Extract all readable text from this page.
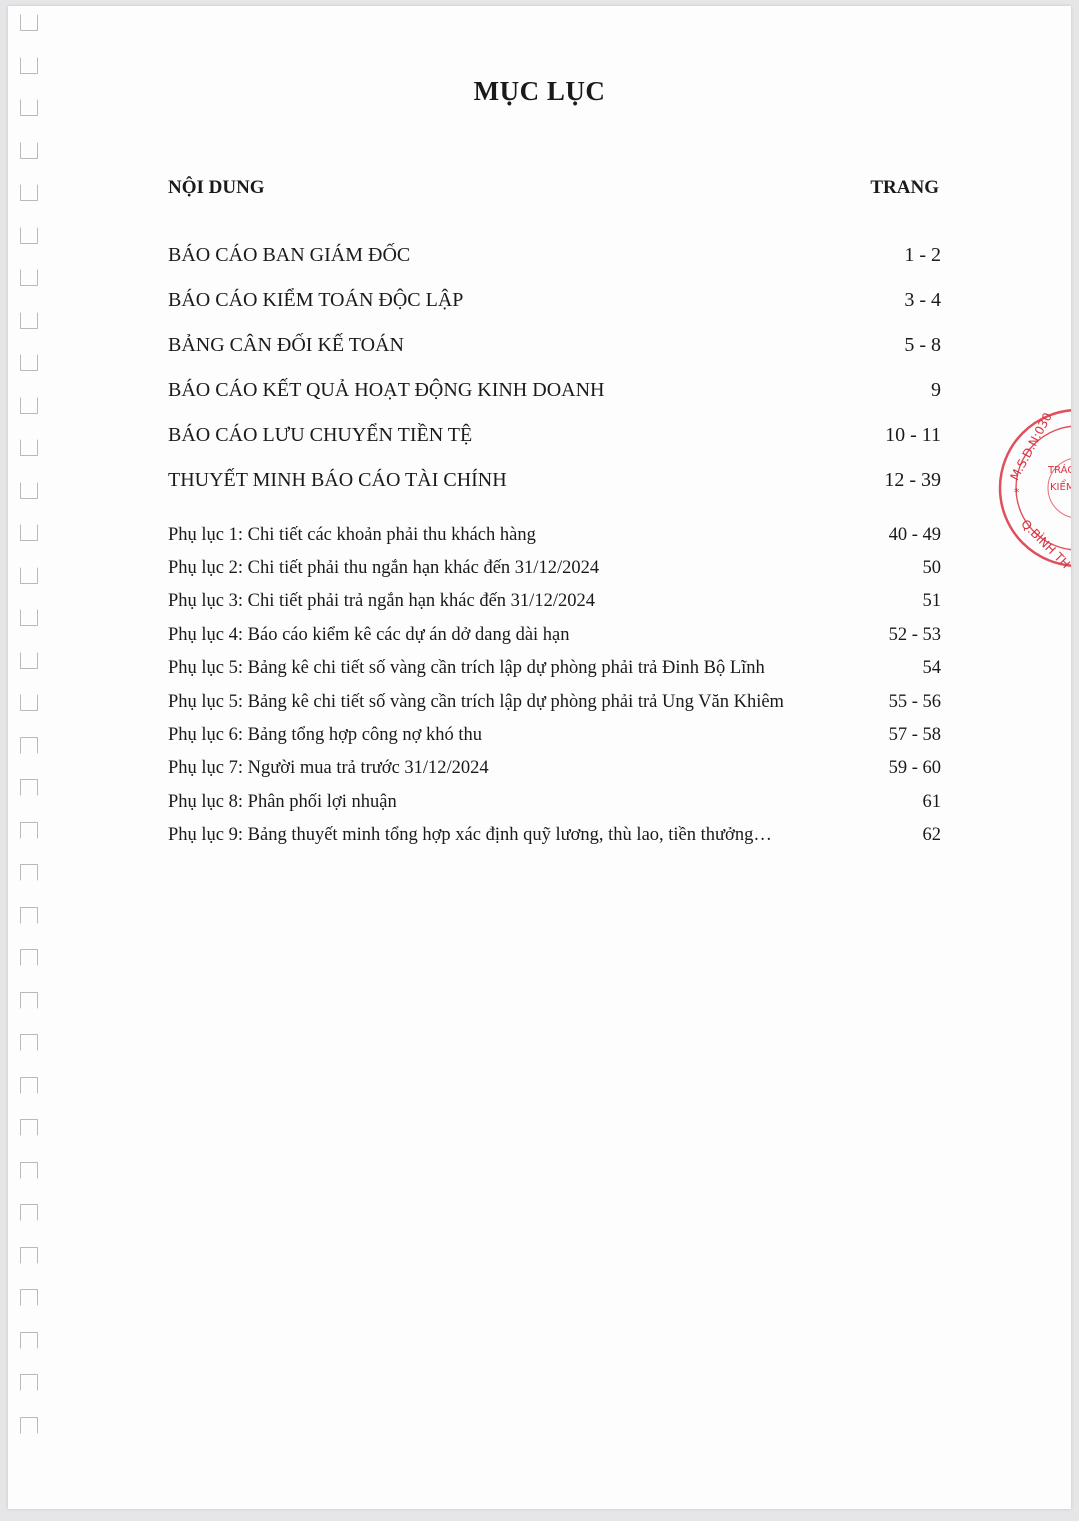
MỤC LỤC
NỘI DUNG	TRANG
BÁO CÁO BAN GIÁM ĐỐC	1 - 2
BÁO CÁO KIỂM TOÁN ĐỘC LẬP	3 - 4
BẢNG CÂN ĐỐI KẾ TOÁN	5 - 8
BÁO CÁO KẾT QUẢ HOẠT ĐỘNG KINH DOANH	9
BÁO CÁO LƯU CHUYỂN TIỀN TỆ	10 - 11
THUYẾT MINH BÁO CÁO TÀI CHÍNH	12 - 39
Phụ lục 1: Chi tiết các khoản phải thu khách hàng	40 - 49
Phụ lục 2: Chi tiết phải thu ngắn hạn khác đến 31/12/2024	50
Phụ lục 3: Chi tiết phải trả ngắn hạn khác đến 31/12/2024	51
Phụ lục 4: Báo cáo kiểm kê các dự án dở dang dài hạn	52 - 53
Phụ lục 5: Bảng kê chi tiết số vàng cần trích lập dự phòng phải trả Đinh Bộ Lĩnh	54
Phụ lục 5: Bảng kê chi tiết số vàng cần trích lập dự phòng phải trả Ung Văn Khiêm	55 - 56
Phụ lục 6: Bảng tổng hợp công nợ khó thu	57 - 58
Phụ lục 7: Người mua trả trước 31/12/2024	59 - 60
Phụ lục 8: Phân phối lợi nhuận	61
Phụ lục 9: Bảng thuyết minh tổng hợp xác định quỹ lương, thù lao, tiền thưởng…	62
M.S.D.N:030
Q.BÌNH TH
TRÁC
KIỂM
*
